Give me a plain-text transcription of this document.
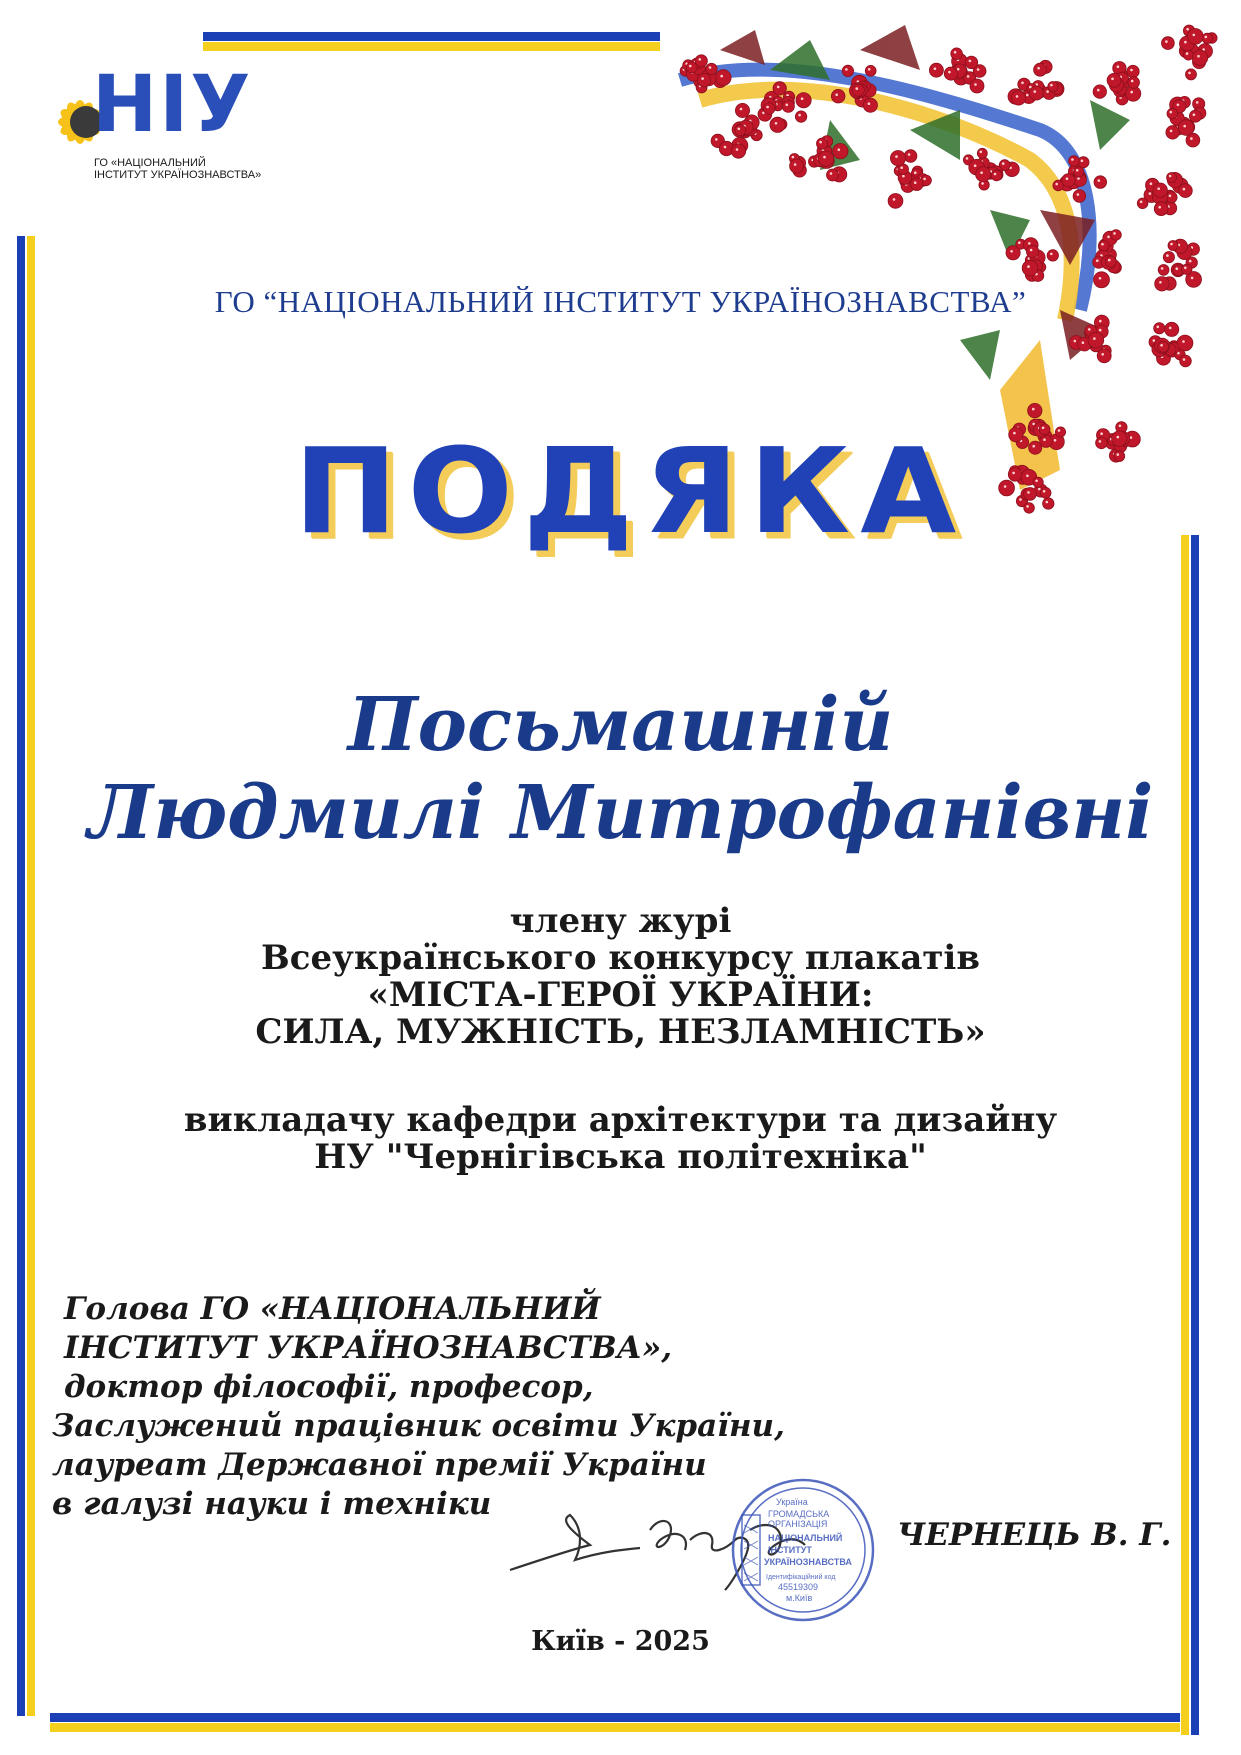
НІУ
ГО «НАЦІОНАЛЬНИЙ
ІНСТИТУТ УКРАЇНОЗНАВСТВА»
ГО “НАЦІОНАЛЬНИЙ ІНСТИТУТ УКРАЇНОЗНАВСТВА”
ПОДЯКА
Посьмашній
Людмилі Митрофанівні
члену журі
Всеукраїнського конкурсу плакатів
«МІСТА-ГЕРОЇ УКРАЇНИ:
СИЛА, МУЖНІСТЬ, НЕЗЛАМНІСТЬ»
викладачу кафедри архітектури та дизайну
НУ "Чернігівська політехніка"
Голова ГО «НАЦІОНАЛЬНИЙ
ІНСТИТУТ УКРАЇНОЗНАВСТВА»,
доктор філософії, професор,
Заслужений працівник освіти України,
лауреат Державної премії України
в галузі науки і техніки	Україна
ГРОМАДСЬКА
ОРГАНІЗАЦІЯ
НАЦІОНАЛЬНИЙ
ІНСТИТУТ
УКРАЇНОЗНАВСТВА
Ідентифікаційний код
45519309
м.Київ
ЧЕРНЕЦЬ В. Г.
Київ - 2025
